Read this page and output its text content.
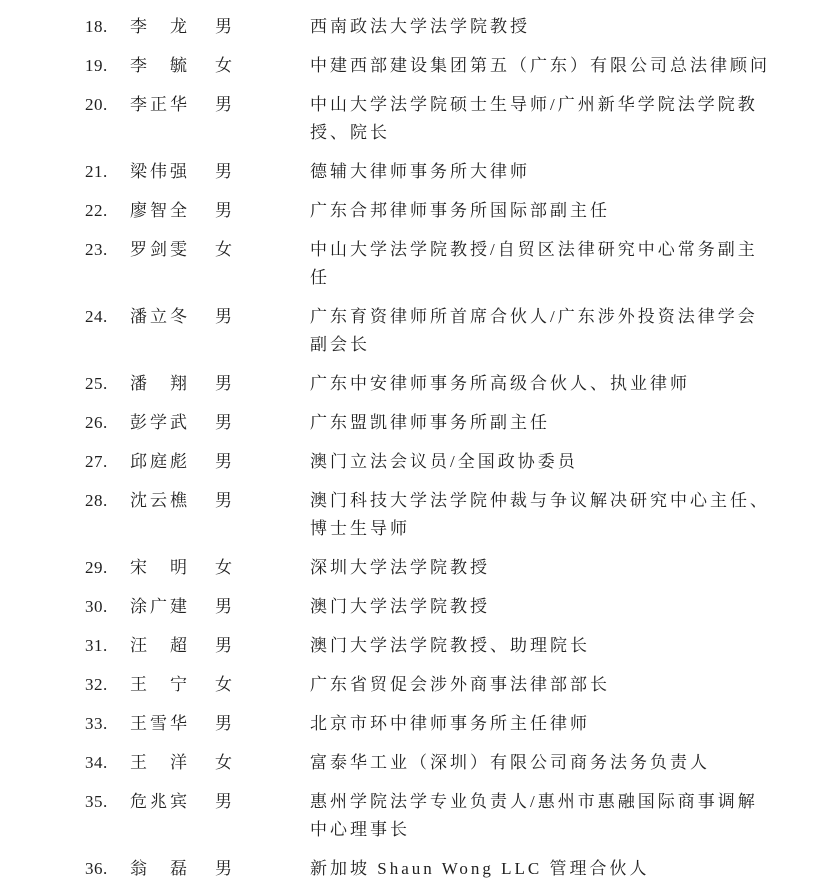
18.	李　龙	男	西南政法大学法学院教授
19.	李　毓	女	中建西部建设集团第五（广东）有限公司总法律顾问
20.	李正华	男	中山大学法学院硕士生导师/广州新华学院法学院教授、院长
21.	梁伟强	男	德辅大律师事务所大律师
22.	廖智全	男	广东合邦律师事务所国际部副主任
23.	罗剑雯	女	中山大学法学院教授/自贸区法律研究中心常务副主任
24.	潘立冬	男	广东育资律师所首席合伙人/广东涉外投资法律学会副会长
25.	潘　翔	男	广东中安律师事务所高级合伙人、执业律师
26.	彭学武	男	广东盟凯律师事务所副主任
27.	邱庭彪	男	澳门立法会议员/全国政协委员
28.	沈云樵	男	澳门科技大学法学院仲裁与争议解决研究中心主任、博士生导师
29.	宋　明	女	深圳大学法学院教授
30.	涂广建	男	澳门大学法学院教授
31.	汪　超	男	澳门大学法学院教授、助理院长
32.	王　宁	女	广东省贸促会涉外商事法律部部长
33.	王雪华	男	北京市环中律师事务所主任律师
34.	王　洋	女	富泰华工业（深圳）有限公司商务法务负责人
35.	危兆宾	男	惠州学院法学专业负责人/惠州市惠融国际商事调解中心理事长
36.	翁　磊	男	新加坡 Shaun Wong LLC 管理合伙人
